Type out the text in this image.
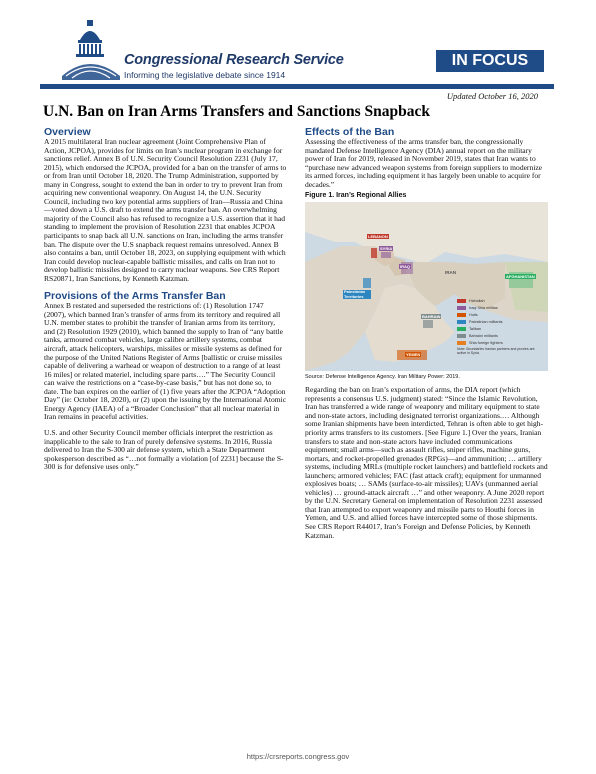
Congressional Research Service
Informing the legislative debate since 1914
IN FOCUS
Updated October 16, 2020
U.N. Ban on Iran Arms Transfers and Sanctions Snapback
Overview

A 2015 multilateral Iran nuclear agreement (Joint Comprehensive Plan of Action, JCPOA), provides for limits on Iran’s nuclear program in exchange for sanctions relief. Annex B of U.N. Security Council Resolution 2231 (July 17, 2015), which endorsed the JCPOA, provided for a ban on the transfer of arms to or from Iran until October 18, 2020. The Trump Administration, supported by many in Congress, sought to extend the ban in order to try to prevent Iran from acquiring new conventional weaponry. On August 14, the U.N. Security Council, including two key potential arms suppliers of Iran—Russia and China—voted down a U.S. draft to extend the arms transfer ban. An overwhelming majority of the Council also has refused to recognize a U.S. assertion that it had standing to implement the provision of Resolution 2231 that enables JCPOA participants to snap back all U.N. sanctions on Iran, including the arms transfer ban. The dispute over the U.S snapback request remains unresolved. Annex B also contains a ban, until October 18, 2023, on supplying equipment with which Iran could develop nuclear-capable ballistic missiles, and calls on Iran not to develop ballistic missiles designed to carry nuclear weapons. See CRS Report RS20871, Iran Sanctions, by Kenneth Katzman.

Provisions of the Arms Transfer Ban

Annex B restated and superseded the restrictions of: (1) Resolution 1747 (2007), which banned Iran’s transfer of arms from its territory and required all U.N. member states to prohibit the transfer of Iranian arms from its territory, and (2) Resolution 1929 (2010), which banned the supply to Iran of “any battle tanks, armoured combat vehicles, large calibre artillery systems, combat aircraft, attack helicopters, warships, missiles or missile systems as defined for the purpose of the United Nations Register of Arms [ballistic or cruise missiles capable of delivering a warhead or weapon of destruction to a range of at least 16 miles] or related materiel, including spare parts….” The Security Council can waive the restrictions on a “case-by-case basis,” but has not done so, to date. The ban expires on the earlier of (1) five years after the JCPOA “Adoption Day” (ie: October 18, 2020), or (2) upon the issuing by the International Atomic Energy Agency (IAEA) of a “Broader Conclusion” that all nuclear material in Iran remains in peaceful activities.

U.S. and other Security Council member officials interpret the restriction as inapplicable to the sale to Iran of purely defensive systems. In 2016, Russia delivered to Iran the S-300 air defense system, which a State Department spokesperson described as “…not formally a violation [of 2231] because the S-300 is for defensive uses only.”

Effects of the Ban

Assessing the effectiveness of the arms transfer ban, the congressionally mandated Defense Intelligence Agency (DIA) annual report on the military power of Iran for 2019, released in November 2019, states that Iran wants to “purchase new advanced weapon systems from foreign suppliers to modernize its armed forces, including equipment it has largely been unable to acquire for decades.”

Figure 1. Iran’s Regional Allies
LEBANON
SYRIA
IRAQ
IRAN
AFGHANISTAN
Palestinian Territories
BAHRAIN
YEMEN
Hizballah
Iraqi Shia militias
Hutis
Palestinian militants
Taliban
Bahraini militants
Shia foreign fighters
Note: Boundaries Iranian partners and proxies are active in Syria.
Source: Defense Intelligence Agency. Iran Military Power: 2019.

Regarding the ban on Iran’s exportation of arms, the DIA report (which represents a consensus U.S. judgment) stated: “Since the Islamic Revolution, Iran has transferred a wide range of weaponry and military equipment to state and non-state actors, including designated terrorist organizations.… Although some Iranian shipments have been interdicted, Tehran is often able to get high-priority arms transfers to its customers. [See Figure 1.] Over the years, Iranian transfers to state and non-state actors have included communications equipment; small arms—such as assault rifles, sniper rifles, machine guns, mortars, and rocket-propelled grenades (RPGs)—and ammunition; … artillery systems, including MRLs (multiple rocket launchers) and battlefield rockets and launchers; armored vehicles; FAC (fast attack craft); equipment for unmanned explosives boats; … SAMs (surface-to-air missiles); UAVs (unmanned aerial vehicles) … ground-attack aircraft …” and other weaponry. A June 2020 report by the U.N. Secretary General on implementation of Resolution 2231 assessed that Iran attempted to export weaponry and missile parts to Houthi forces in Yemen, and U.S. and allied forces have intercepted some of those shipments. See CRS Report R44017, Iran’s Foreign and Defense Policies, by Kenneth Katzman.

https://crsreports.congress.gov
